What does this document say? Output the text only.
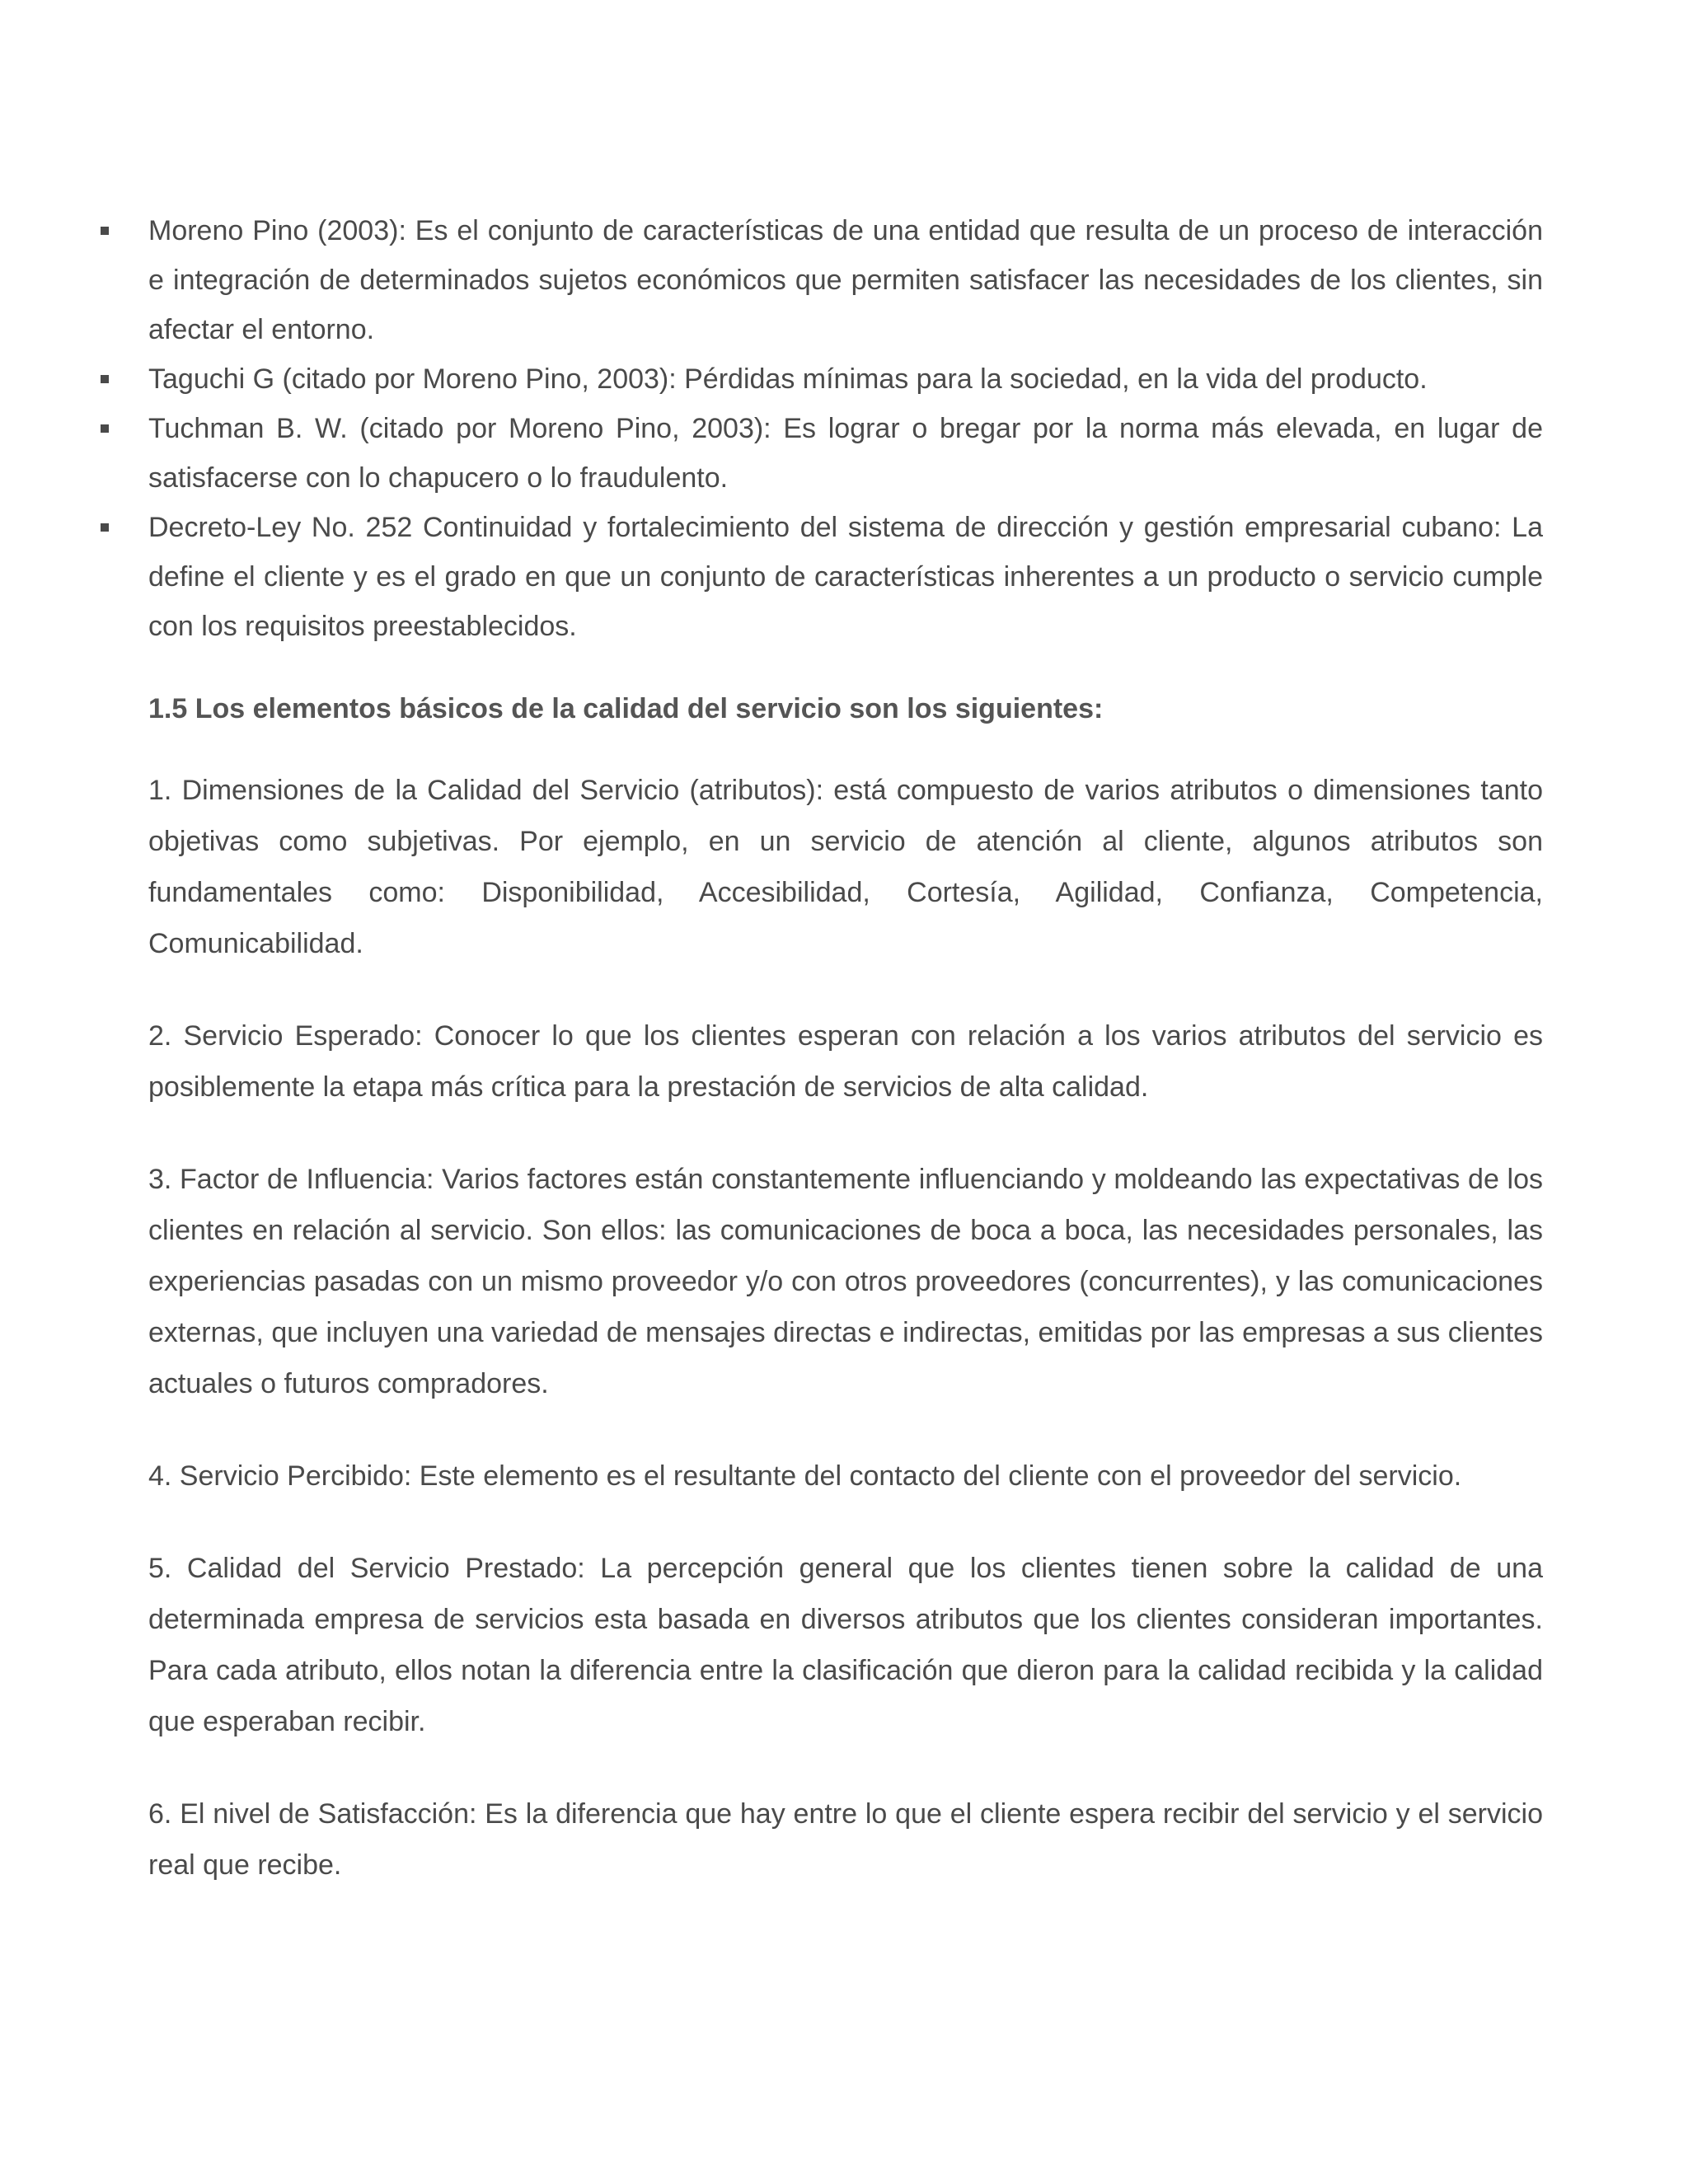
Moreno Pino (2003): Es el conjunto de características de una entidad que resulta de un proceso de interacción e integración de determinados sujetos económicos que permiten satisfacer las necesidades de los clientes, sin afectar el entorno.
Taguchi G (citado por Moreno Pino, 2003): Pérdidas mínimas para la sociedad, en la vida del producto.
Tuchman B. W. (citado por Moreno Pino, 2003): Es lograr o bregar por la norma más elevada, en lugar de satisfacerse con lo chapucero o lo fraudulento.
Decreto-Ley No. 252 Continuidad y fortalecimiento del sistema de dirección y gestión empresarial cubano: La define el cliente y es el grado en que un conjunto de características inherentes a un producto o servicio cumple con los requisitos preestablecidos.
1.5 Los elementos básicos de la calidad del servicio son los siguientes:

1. Dimensiones de la Calidad del Servicio (atributos): está compuesto de varios atributos o dimensiones tanto objetivas como subjetivas. Por ejemplo, en un servicio de atención al cliente, algunos atributos son fundamentales como: Disponibilidad, Accesibilidad, Cortesía, Agilidad, Confianza, Competencia, Comunicabilidad.

2. Servicio Esperado: Conocer lo que los clientes esperan con relación a los varios atributos del servicio es posiblemente la etapa más crítica para la prestación de servicios de alta calidad.

3. Factor de Influencia: Varios factores están constantemente influenciando y moldeando las expectativas de los clientes en relación al servicio. Son ellos: las comunicaciones de boca a boca, las necesidades personales, las experiencias pasadas con un mismo proveedor y/o con otros proveedores (concurrentes), y las comunicaciones externas, que incluyen una variedad de mensajes directas e indirectas, emitidas por las empresas a sus clientes actuales o futuros compradores.

4. Servicio Percibido: Este elemento es el resultante del contacto del cliente con el proveedor del servicio.

5. Calidad del Servicio Prestado: La percepción general que los clientes tienen sobre la calidad de una determinada empresa de servicios esta basada en diversos atributos que los clientes consideran importantes. Para cada atributo, ellos notan la diferencia entre la clasificación que dieron para la calidad recibida y la calidad que esperaban recibir.

6. El nivel de Satisfacción: Es la diferencia que hay entre lo que el cliente espera recibir del servicio y el servicio real que recibe.
